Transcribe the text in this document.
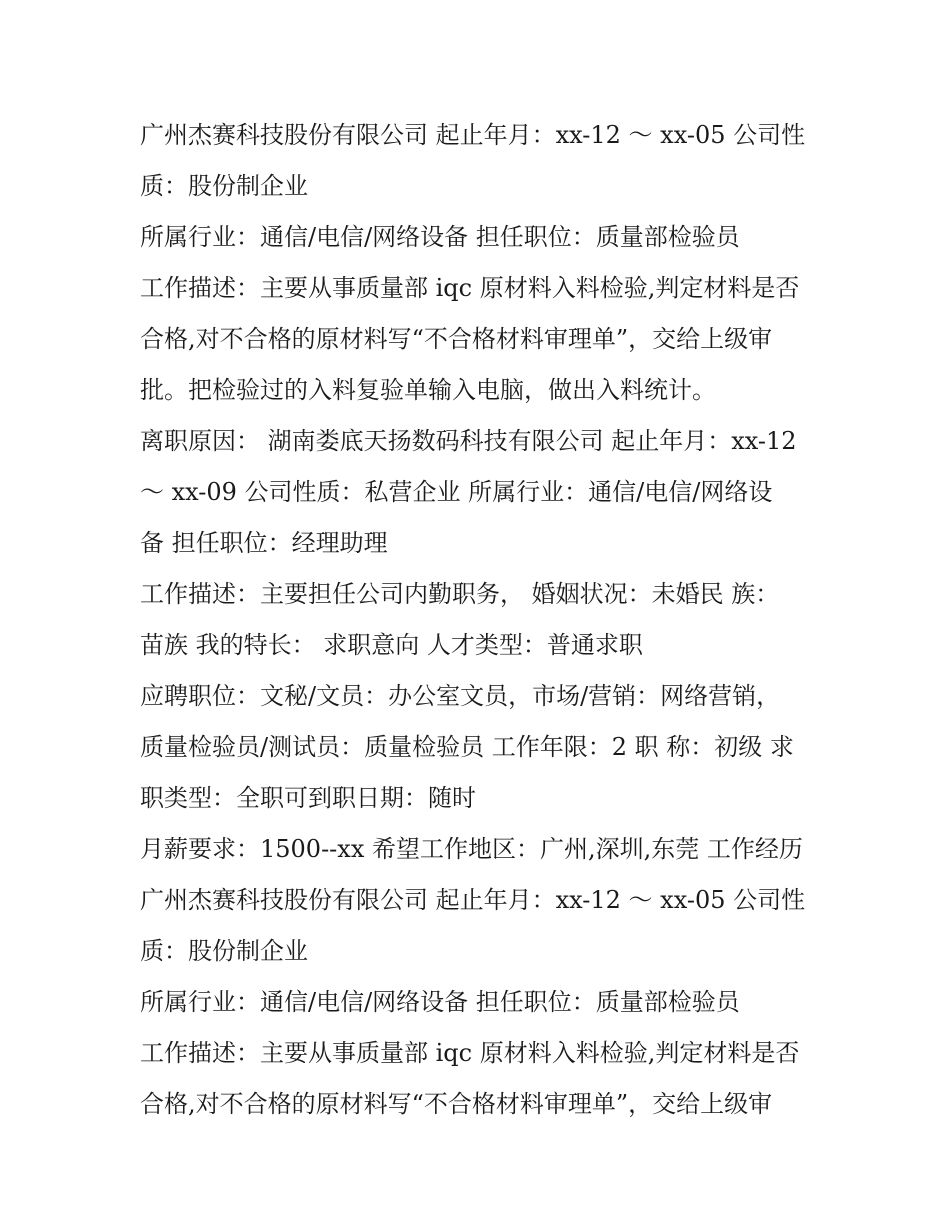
广州杰赛科技股份有限公司 起止年月：xx-12 ～ xx-05 公司性
质：股份制企业
所属行业：通信/电信/网络设备 担任职位：质量部检验员
工作描述：主要从事质量部 iqc 原材料入料检验,判定材料是否
合格,对不合格的原材料写“不合格材料审理单”，交给上级审
批。把检验过的入料复验单输入电脑，做出入料统计。
离职原因： 湖南娄底天扬数码科技有限公司 起止年月：xx-12
～ xx-09 公司性质：私营企业 所属行业：通信/电信/网络设
备 担任职位：经理助理
工作描述：主要担任公司内勤职务， 婚姻状况：未婚民 族：
苗族 我的特长： 求职意向 人才类型：普通求职
应聘职位：文秘/文员：办公室文员，市场/营销：网络营销，
质量检验员/测试员：质量检验员 工作年限：2 职 称：初级 求
职类型：全职可到职日期：随时
月薪要求：1500--xx 希望工作地区：广州,深圳,东莞 工作经历
广州杰赛科技股份有限公司 起止年月：xx-12 ～ xx-05 公司性
质：股份制企业
所属行业：通信/电信/网络设备 担任职位：质量部检验员
工作描述：主要从事质量部 iqc 原材料入料检验,判定材料是否
合格,对不合格的原材料写“不合格材料审理单”，交给上级审
